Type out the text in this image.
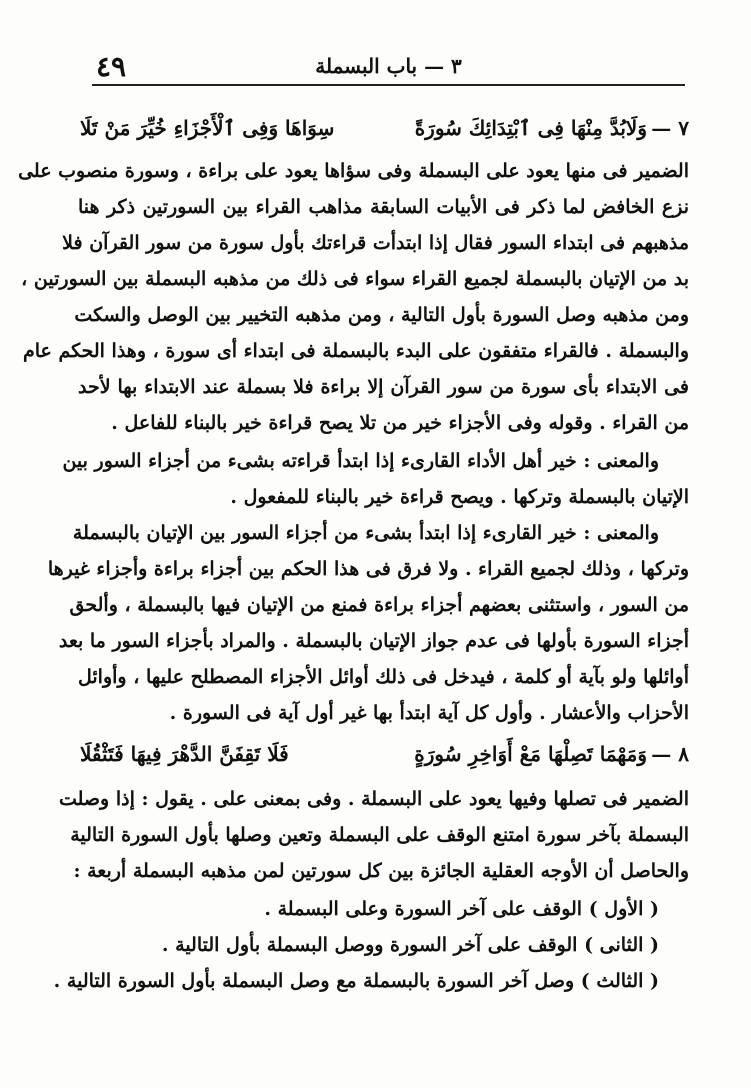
٤٩	٣ — باب البسملة
٧ —
وَلَابُدَّ مِنْهَا فِى ٱبْتِدَائِكَ سُورَةً
سِوَاهَا وَفِى ٱلْأَجْزَاءِ خُيِّرَ مَنْ تَلَا
الضمير فى منها يعود على البسملة وفى سؤاها يعود على براءة ، وسورة منصوب على
نزع الخافض لما ذكر فى الأبيات السابقة مذاهب القراء بين السورتين ذكر هنا
مذهبهم فى ابتداء السور فقال إذا ابتدأت قراءتك بأول سورة من سور القرآن فلا
بد من الإتيان بالبسملة لجميع القراء سواء فى ذلك من مذهبه البسملة بين السورتين ،
ومن مذهبه وصل السورة بأول التالية ، ومن مذهبه التخيير بين الوصل والسكت
والبسملة . فالقراء متفقون على البدء بالبسملة فى ابتداء أى سورة ، وهذا الحكم عام
فى الابتداء بأى سورة من سور القرآن إلا براءة فلا بسملة عند الابتداء بها لأحد
من القراء . وقوله وفى الأجزاء خير من تلا يصح قراءة خير بالبناء للفاعل .
والمعنى : خير أهل الأداء القارىء إذا ابتدأ قراءته بشىء من أجزاء السور بين
الإتيان بالبسملة وتركها . ويصح قراءة خير بالبناء للمفعول .
والمعنى : خير القارىء إذا ابتدأ بشىء من أجزاء السور بين الإتيان بالبسملة
وتركها ، وذلك لجميع القراء . ولا فرق فى هذا الحكم بين أجزاء براءة وأجزاء غيرها
من السور ، واستثنى بعضهم أجزاء براءة فمنع من الإتيان فيها بالبسملة ، وألحق
أجزاء السورة بأولها فى عدم جواز الإتيان بالبسملة . والمراد بأجزاء السور ما بعد
أوائلها ولو بآية أو كلمة ، فيدخل فى ذلك أوائل الأجزاء المصطلح عليها ، وأوائل
الأحزاب والأعشار . وأول كل آية ابتدأ بها غير أول آية فى السورة .
٨ —
وَمَهْمَا تَصِلْهَا مَعْ أَوَاخِرِ سُورَةٍ
فَلَا تَقِفَنَّ الدَّهْرَ فِيهَا فَتَثْقُلَا
الضمير فى تصلها وفيها يعود على البسملة . وفى بمعنى على . يقول : إذا وصلت
البسملة بآخر سورة امتنع الوقف على البسملة وتعين وصلها بأول السورة التالية
والحاصل أن الأوجه العقلية الجائزة بين كل سورتين لمن مذهبه البسملة أربعة :
( الأول ) الوقف على آخر السورة وعلى البسملة .
( الثانى ) الوقف على آخر السورة ووصل البسملة بأول التالية .
( الثالث ) وصل آخر السورة بالبسملة مع وصل البسملة بأول السورة التالية .
